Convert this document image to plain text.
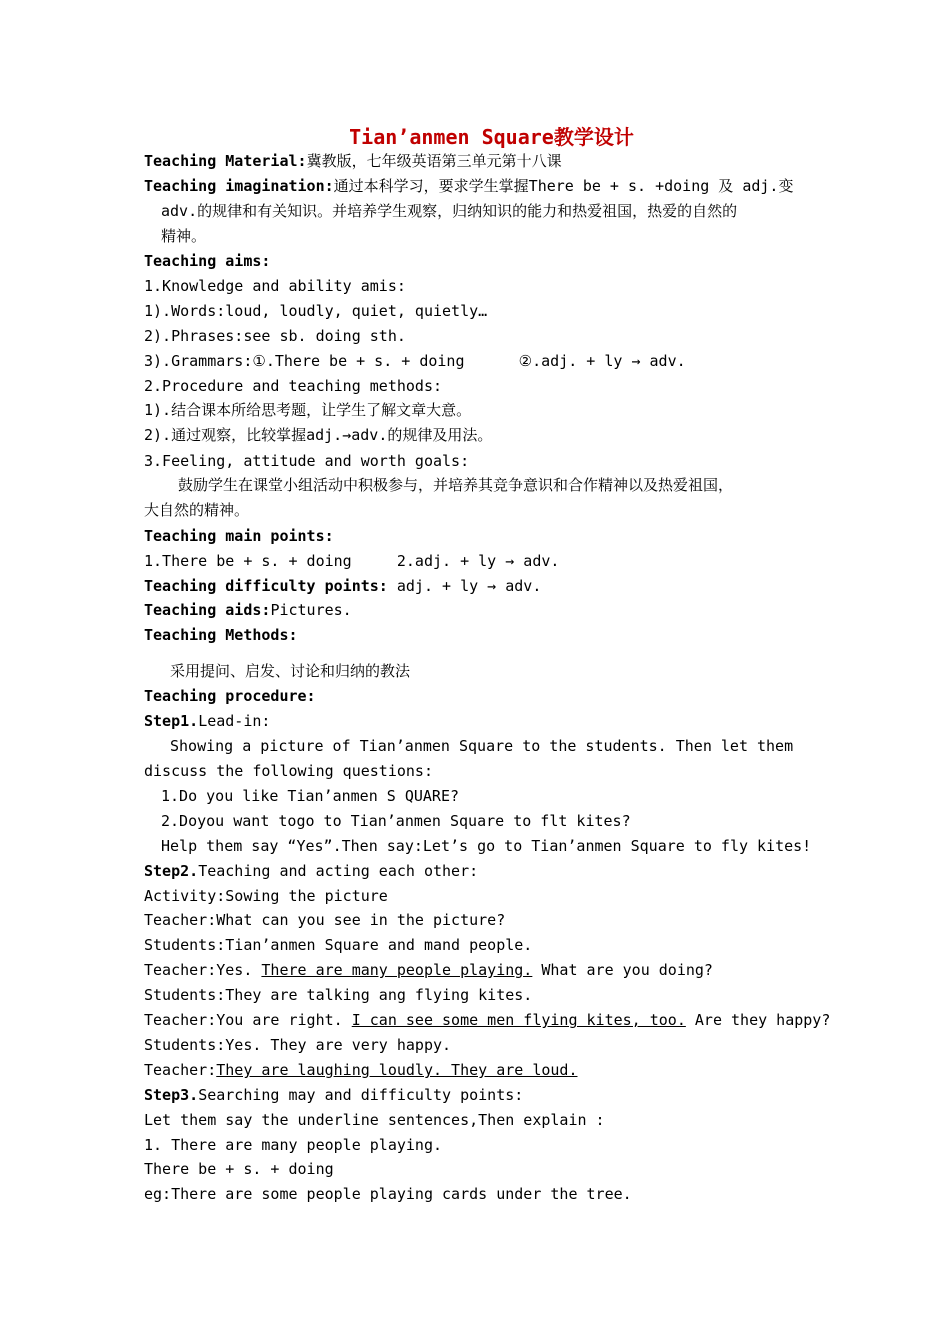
Tian’anmen Square教学设计
Teaching Material:冀教版，七年级英语第三单元第十八课
Teaching imagination:通过本科学习，要求学生掌握There be + s. +doing 及 adj.变
adv.的规律和有关知识。并培养学生观察，归纳知识的能力和热爱祖国，热爱的自然的
精神。
Teaching aims:
1.Knowledge and ability amis:
1).Words:loud, loudly, quiet, quietly…
2).Phrases:see sb. doing sth.
3).Grammars:①.There be + s. + doing      ②.adj. + ly → adv.
2.Procedure and teaching methods:
1).结合课本所给思考题，让学生了解文章大意。
2).通过观察，比较掌握adj.→adv.的规律及用法。
3.Feeling, attitude and worth goals:
鼓励学生在课堂小组活动中积极参与，并培养其竞争意识和合作精神以及热爱祖国，
大自然的精神。
Teaching main points:
1.There be + s. + doing     2.adj. + ly → adv.
Teaching difficulty points: adj. + ly → adv.
Teaching aids:Pictures.
Teaching Methods:
采用提问、启发、讨论和归纳的教法
Teaching procedure:
Step1.Lead-in:
Showing a picture of Tian’anmen Square to the students. Then let them
discuss the following questions:
1.Do you like Tian’anmen S QUARE?
2.Doyou want togo to Tian’anmen Square to flt kites?
Help them say “Yes”.Then say:Let’s go to Tian’anmen Square to fly kites!
Step2.Teaching and acting each other:
Activity:Sowing the picture
Teacher:What can you see in the picture?
Students:Tian’anmen Square and mand people.
Teacher:Yes. There are many people playing. What are you doing?
Students:They are talking ang flying kites.
Teacher:You are right. I can see some men flying kites, too. Are they happy?
Students:Yes. They are very happy.
Teacher:They are laughing loudly. They are loud.
Step3.Searching may and difficulty points:
Let them say the underline sentences,Then explain :
1. There are many people playing.
There be + s. + doing
eg:There are some people playing cards under the tree.
